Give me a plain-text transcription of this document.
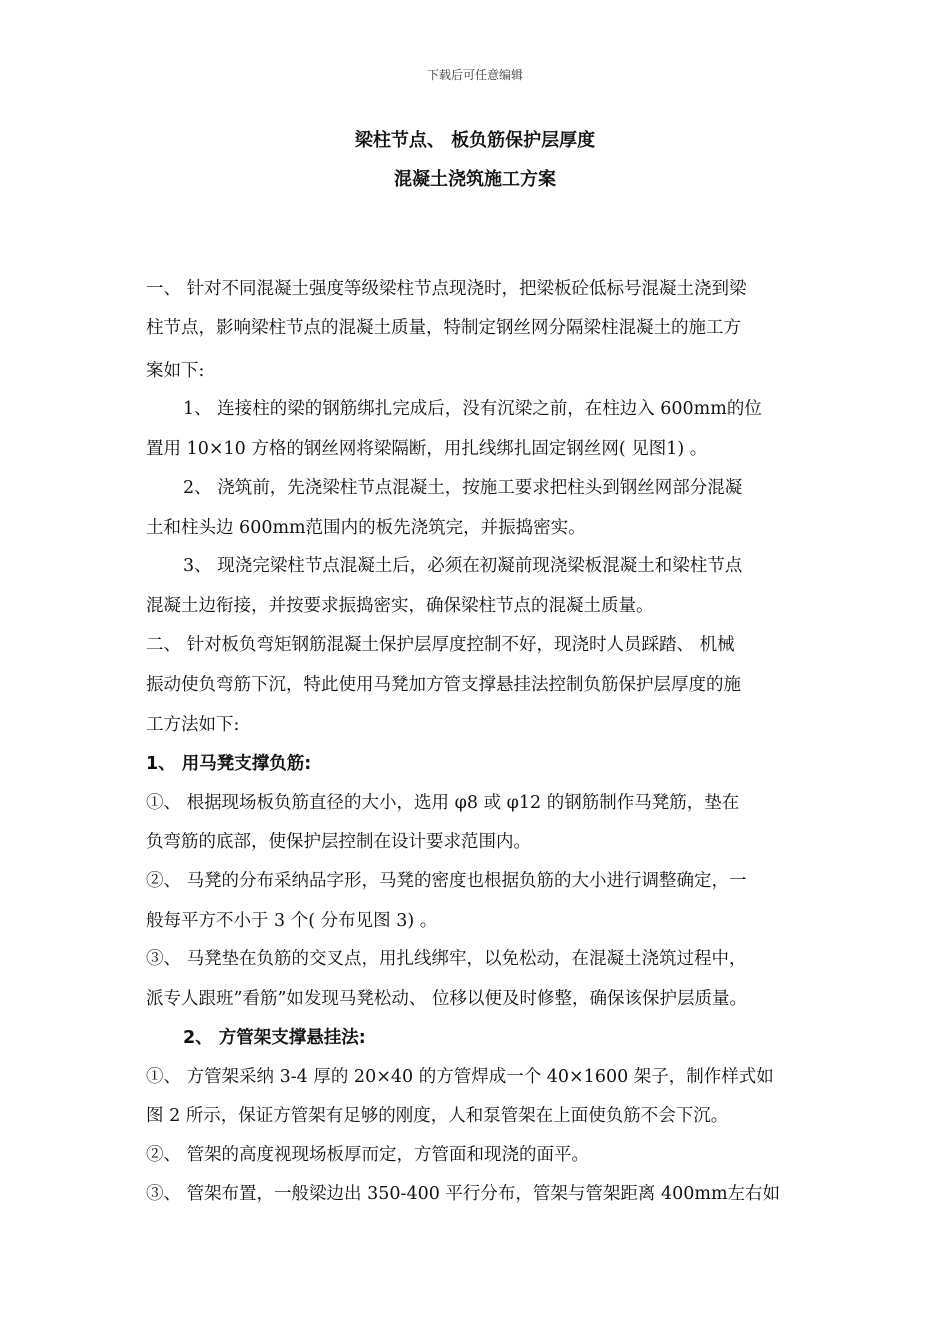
下载后可任意编辑
梁柱节点、 板负筋保护层厚度
混凝土浇筑施工方案
一、 针对不同混凝土强度等级梁柱节点现浇时，把梁板砼低标号混凝土浇到梁
柱节点，影响梁柱节点的混凝土质量，特制定钢丝网分隔梁柱混凝土的施工方
案如下:
1、 连接柱的梁的钢筋绑扎完成后，没有沉梁之前，在柱边入 600mm的位
置用 10×10 方格的钢丝网将梁隔断，用扎线绑扎固定钢丝网( 见图1) 。
2、 浇筑前，先浇梁柱节点混凝土，按施工要求把柱头到钢丝网部分混凝
土和柱头边 600mm范围内的板先浇筑完，并振捣密实。
3、 现浇完梁柱节点混凝土后，必须在初凝前现浇梁板混凝土和梁柱节点
混凝土边衔接，并按要求振捣密实，确保梁柱节点的混凝土质量。
二、 针对板负弯矩钢筋混凝土保护层厚度控制不好，现浇时人员踩踏、 机械
振动使负弯筋下沉，特此使用马凳加方管支撑悬挂法控制负筋保护层厚度的施
工方法如下:
1、 用马凳支撑负筋:
①、 根据现场板负筋直径的大小，选用 φ8 或 φ12 的钢筋制作马凳筋，垫在
负弯筋的底部，使保护层控制在设计要求范围内。
②、 马凳的分布采纳品字形，马凳的密度也根据负筋的大小进行调整确定，一
般每平方不小于 3 个( 分布见图 3) 。
③、 马凳垫在负筋的交叉点，用扎线绑牢，以免松动，在混凝土浇筑过程中，
派专人跟班”看筋”如发现马凳松动、 位移以便及时修整，确保该保护层质量。
2、 方管架支撑悬挂法:
①、 方管架采纳 3-4 厚的 20×40 的方管焊成一个 40×1600 架子，制作样式如
图 2 所示，保证方管架有足够的刚度，人和泵管架在上面使负筋不会下沉。
②、 管架的高度视现场板厚而定，方管面和现浇的面平。
③、 管架布置，一般梁边出 350-400 平行分布，管架与管架距离 400mm左右如
